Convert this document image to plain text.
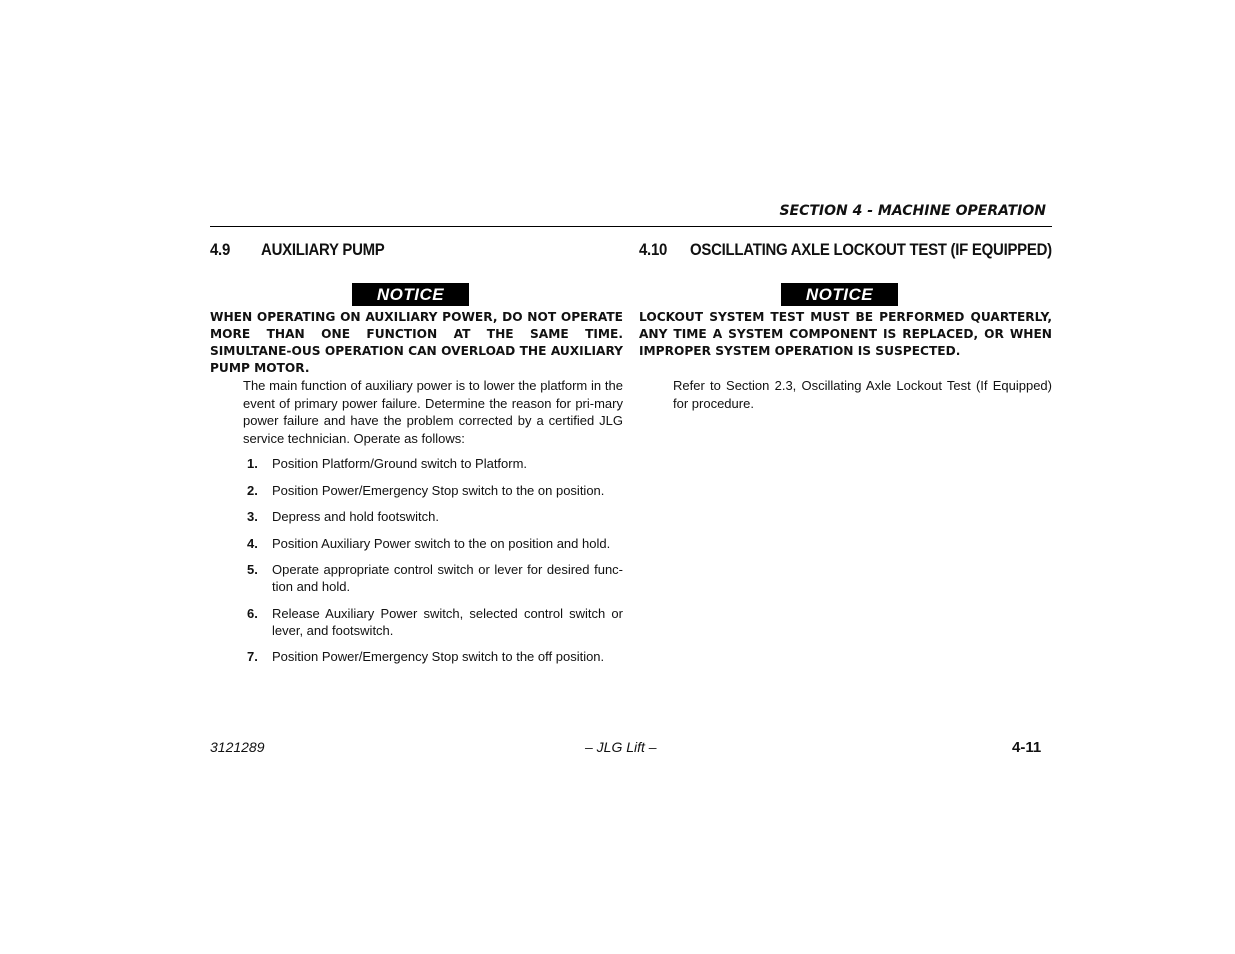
SECTION 4 - MACHINE OPERATION
4.9 AUXILIARY PUMP
NOTICE
WHEN OPERATING ON AUXILIARY POWER, DO NOT OPERATE MORE THAN ONE FUNCTION AT THE SAME TIME. SIMULTANE-OUS OPERATION CAN OVERLOAD THE AUXILIARY PUMP MOTOR.
The main function of auxiliary power is to lower the platform in the event of primary power failure. Determine the reason for pri-mary power failure and have the problem corrected by a certified JLG service technician. Operate as follows:
1. Position Platform/Ground switch to Platform.
2. Position Power/Emergency Stop switch to the on position.
3. Depress and hold footswitch.
4. Position Auxiliary Power switch to the on position and hold.
5. Operate appropriate control switch or lever for desired func-tion and hold.
6. Release Auxiliary Power switch, selected control switch or lever, and footswitch.
7. Position Power/Emergency Stop switch to the off position.
4.10 OSCILLATING AXLE LOCKOUT TEST (IF EQUIPPED)
NOTICE
LOCKOUT SYSTEM TEST MUST BE PERFORMED QUARTERLY, ANY TIME A SYSTEM COMPONENT IS REPLACED, OR WHEN IMPROPER SYSTEM OPERATION IS SUSPECTED.
Refer to Section 2.3, Oscillating Axle Lockout Test (If Equipped) for procedure.
3121289	– JLG Lift –	4-11
